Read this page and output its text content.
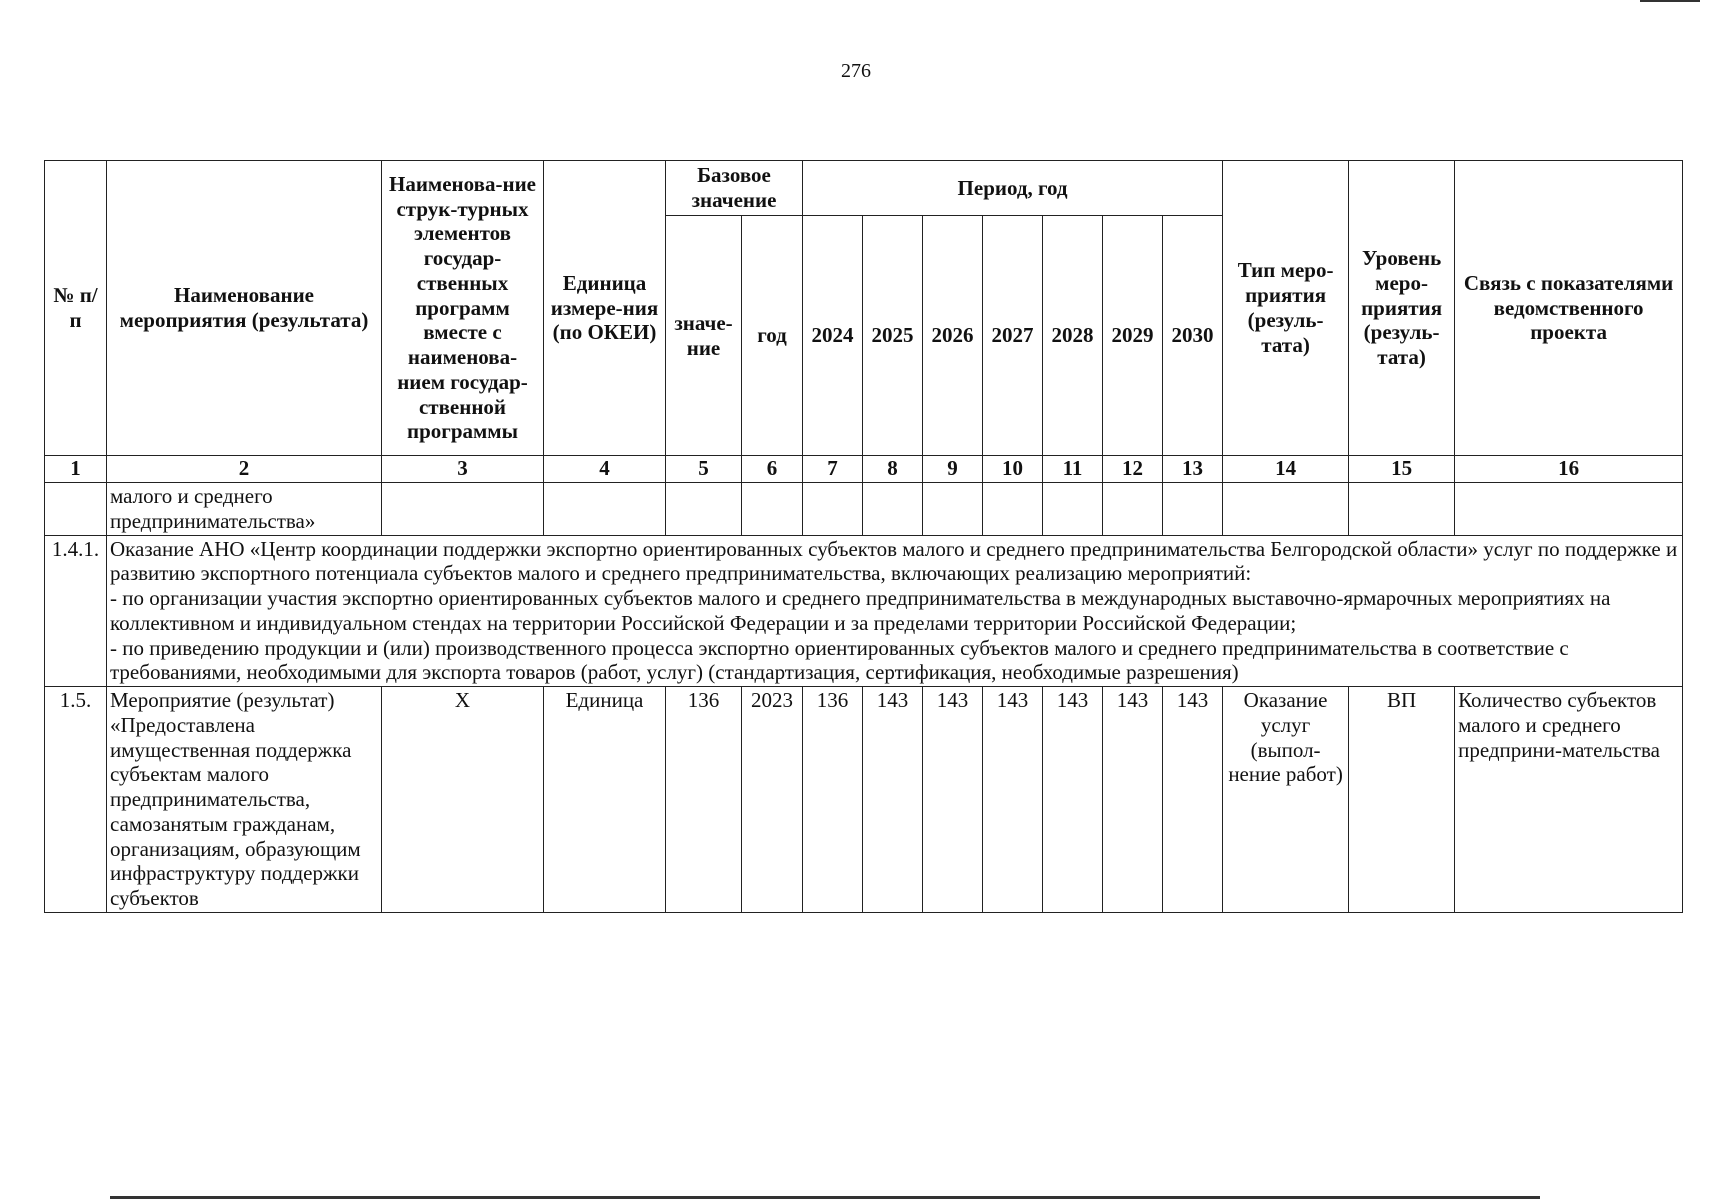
276
№ п/п	Наименование мероприятия (результата)	Наименова-ние струк-турных элементов государ-ственных программ вместе с наименова-нием государ-ственной программы	Единица измере-ния (по ОКЕИ)	Базовое значение		Период, год							Тип меро-приятия (резуль-тата)	Уровень меро-приятия (резуль-тата)	Связь с показателями ведомственного проекта
				значе-ние	год	2024	2025	2026	2027	2028	2029	2030			
1	2	3	4	5	6	7	8	9	10	11	12	13	14	15	16
	малого и среднего предпринимательства»														
1.4.1.	Оказание АНО «Центр координации поддержки экспортно ориентированных субъектов малого и среднего предпринимательства Белгородской области» услуг по поддержке и развитию экспортного потенциала субъектов малого и среднего предпринимательства, включающих реализацию мероприятий:
- по организации участия экспортно ориентированных субъектов малого и среднего предпринимательства в международных выставочно-ярмарочных мероприятиях на коллективном и индивидуальном стендах на территории Российской Федерации и за пределами территории Российской Федерации;
- по приведению продукции и (или) производственного процесса экспортно ориентированных субъектов малого и среднего предпринимательства в соответствие с требованиями, необходимыми для экспорта товаров (работ, услуг) (стандартизация, сертификация, необходимые разрешения)														

1.5.	Мероприятие (результат) «Предоставлена имущественная поддержка субъектам малого предпринимательства, самозанятым гражданам, организациям, образующим инфраструктуру поддержки субъектов	Х	Единица	136	2023	136	143	143	143	143	143	143	Оказание услуг (выпол-нение работ)	ВП	Количество субъектов малого и среднего предприни-мательства
